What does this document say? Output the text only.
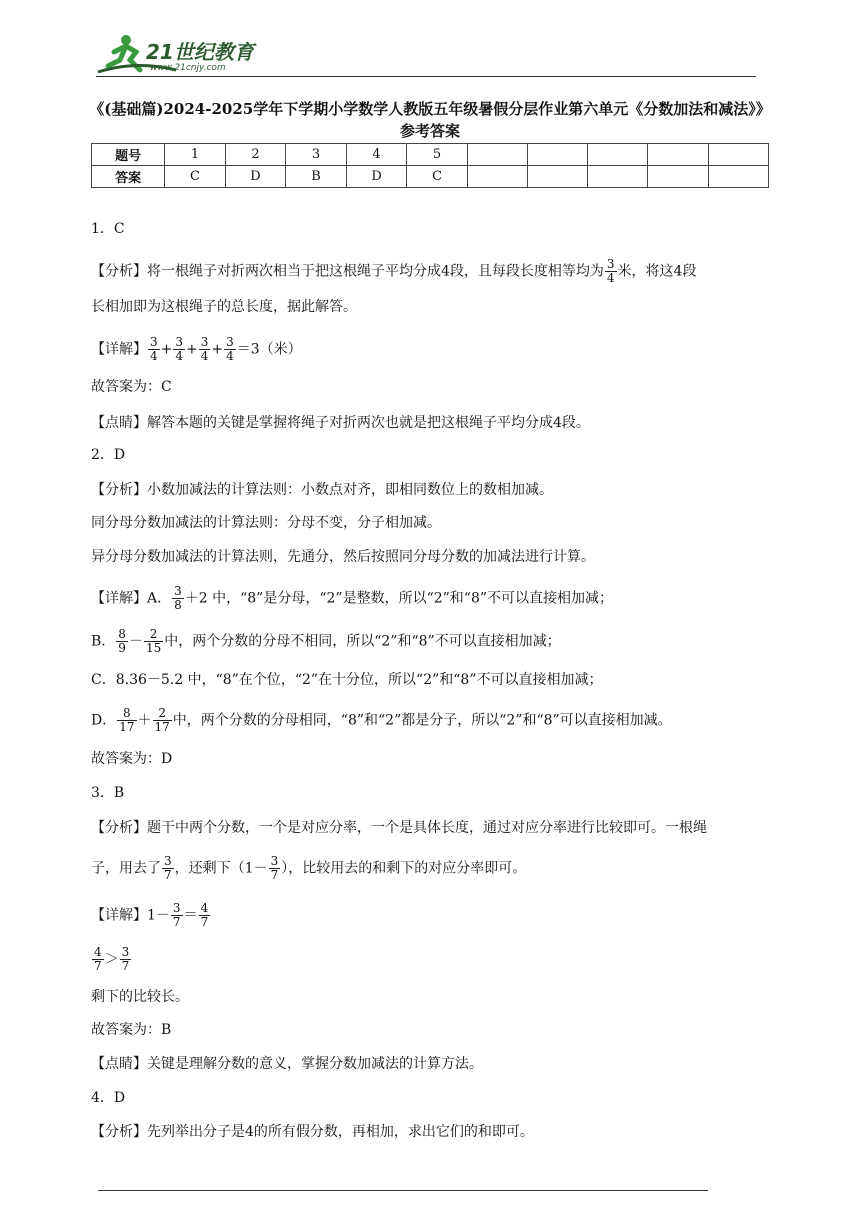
21世纪教育
www.21cnjy.com
《(基础篇)2024-2025学年下学期小学数学人教版五年级暑假分层作业第六单元《分数加法和减法》》
参考答案
题号	1	2	3	4	5					
答案	C	D	B	D	C					
1．C
【分析】将一根绳子对折两次相当于把这根绳子平均分成4段，且每段长度相等均为 $\frac{3}{4}$ 米，将这4段
长相加即为这根绳子的总长度，据此解答。
【详解】 $\frac{3}{4} + \frac{3}{4} + \frac{3}{4} + \frac{3}{4} =3$（米）
故答案为：C
【点睛】解答本题的关键是掌握将绳子对折两次也就是把这根绳子平均分成4段。
2．D
【分析】小数加减法的计算法则：小数点对齐，即相同数位上的数相加减。
同分母分数加减法的计算法则：分母不变，分子相加减。
异分母分数加减法的计算法则，先通分，然后按照同分母分数的加减法进行计算。
【详解】A． $\frac{3}{8} +2$ 中，“8”是分母，“2”是整数，所以“2”和“8”不可以直接相加减；
B． $\frac{8}{9} - \frac{2}{15}$ 中，两个分数的分母不相同，所以“2”和“8”不可以直接相加减；
C．8.36－5.2 中，“8”在个位，“2”在十分位，所以“2”和“8”不可以直接相加减；
D． $\frac{8}{17} + \frac{2}{17}$ 中，两个分数的分母相同，“8”和“2”都是分子，所以“2”和“8”可以直接相加减。
故答案为：D
3．B
【分析】题干中两个分数，一个是对应分率，一个是具体长度，通过对应分率进行比较即可。一根绳
子，用去了 $\frac{3}{7}$ ，还剩下（$1- \frac{3}{7}$ ），比较用去的和剩下的对应分率即可。
【详解】$1- \frac{3}{7} = \frac{4}{7}$
$\frac{4}{7} > \frac{3}{7}$
剩下的比较长。
故答案为：B
【点睛】关键是理解分数的意义，掌握分数加减法的计算方法。
4．D
【分析】先列举出分子是4的所有假分数，再相加，求出它们的和即可。
